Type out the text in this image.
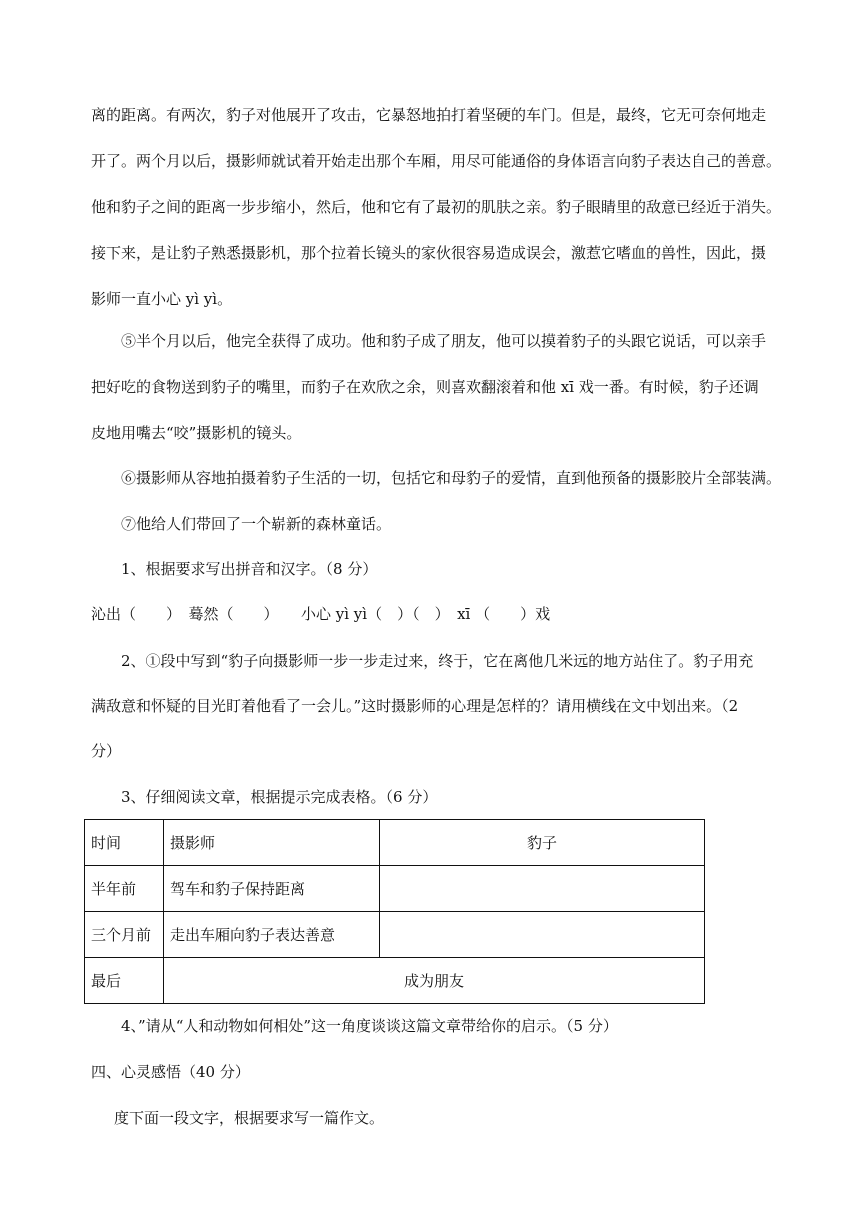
离的距离。有两次，豹子对他展开了攻击，它暴怒地拍打着坚硬的车门。但是，最终，它无可奈何地走
开了。两个月以后，摄影师就试着开始走出那个车厢，用尽可能通俗的身体语言向豹子表达自己的善意。
他和豹子之间的距离一步步缩小，然后，他和它有了最初的肌肤之亲。豹子眼睛里的敌意已经近于消失。
接下来，是让豹子熟悉摄影机，那个拉着长镜头的家伙很容易造成误会，激惹它嗜血的兽性，因此，摄
影师一直小心 yì yì。
⑤半个月以后，他完全获得了成功。他和豹子成了朋友，他可以摸着豹子的头跟它说话，可以亲手
把好吃的食物送到豹子的嘴里，而豹子在欢欣之余，则喜欢翻滚着和他 xī 戏一番。有时候，豹子还调
皮地用嘴去“咬”摄影机的镜头。
⑥摄影师从容地拍摄着豹子生活的一切，包括它和母豹子的爱情，直到他预备的摄影胶片全部装满。
⑦他给人们带回了一个崭新的森林童话。
1、根据要求写出拼音和汉字。（8 分）
沁出（　　）　蓦然（　　）　　小心 yì yì（　）（　）　xī （　　）戏
2、①段中写到“豹子向摄影师一步一步走过来，终于，它在离他几米远的地方站住了。豹子用充
满敌意和怀疑的目光盯着他看了一会儿。”这时摄影师的心理是怎样的？请用横线在文中划出来。（2
分）
3、仔细阅读文章，根据提示完成表格。（6 分）
时间	摄影师	豹子
半年前	驾车和豹子保持距离	
三个月前	走出车厢向豹子表达善意	
最后	成为朋友	
4、”请从“人和动物如何相处”这一角度谈谈这篇文章带给你的启示。（5 分）
四、心灵感悟（40 分）
度下面一段文字，根据要求写一篇作文。
